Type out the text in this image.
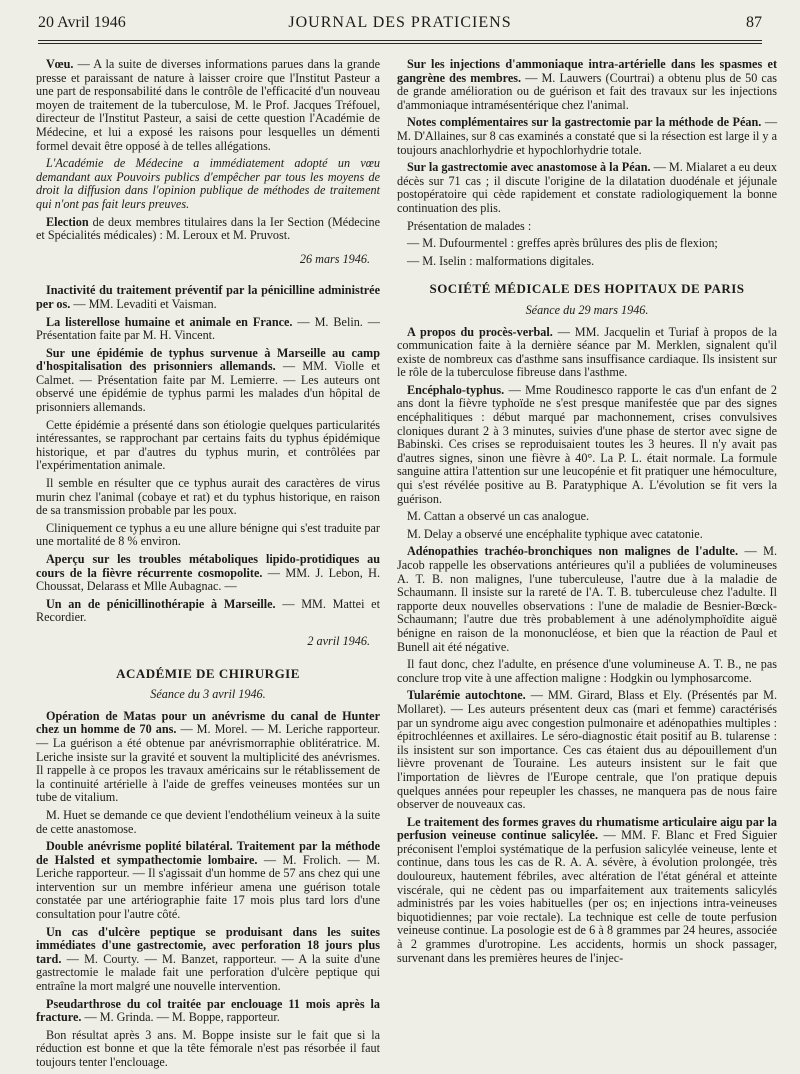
20 Avril 1946	JOURNAL DES PRATICIENS	87

Vœu. — A la suite de diverses informations parues dans la grande presse et paraissant de nature à laisser croire que l'Institut Pasteur a une part de responsabilité dans le contrôle de l'efficacité d'un nouveau moyen de traitement de la tuberculose, M. le Prof. Jacques Tréfouel, directeur de l'Institut Pasteur, a saisi de cette question l'Académie de Médecine, et lui a exposé les raisons pour lesquelles un démenti formel devait être opposé à de telles allégations.

L'Académie de Médecine a immédiatement adopté un vœu demandant aux Pouvoirs publics d'empêcher par tous les moyens de droit la diffusion dans l'opinion publique de méthodes de traitement qui n'ont pas fait leurs preuves.

Election de deux membres titulaires dans la Ier Section (Médecine et Spécialités médicales) : M. Leroux et M. Pruvost.

26 mars 1946.

Inactivité du traitement préventif par la pénicilline administrée per os. — MM. Levaditi et Vaisman.

La listerellose humaine et animale en France. — M. Belin. — Présentation faite par M. H. Vincent.

Sur une épidémie de typhus survenue à Marseille au camp d'hospitalisation des prisonniers allemands. — MM. Violle et Calmet. — Présentation faite par M. Lemierre. — Les auteurs ont observé une épidémie de typhus parmi les malades d'un hôpital de prisonniers allemands.

Cette épidémie a présenté dans son étiologie quelques particularités intéressantes, se rapprochant par certains faits du typhus épidémique historique, et par d'autres du typhus murin, et contrôlées par l'expérimentation animale.

Il semble en résulter que ce typhus aurait des caractères de virus murin chez l'animal (cobaye et rat) et du typhus historique, en raison de sa transmission probable par les poux.

Cliniquement ce typhus a eu une allure bénigne qui s'est traduite par une mortalité de 8 % environ.

Aperçu sur les troubles métaboliques lipido-protidiques au cours de la fièvre récurrente cosmopolite. — MM. J. Lebon, H. Choussat, Delarass et Mlle Aubagnac. —

Un an de pénicillinothérapie à Marseille. — MM. Mattei et Recordier.

2 avril 1946.
ACADÉMIE DE CHIRURGIE
Séance du 3 avril 1946.

Opération de Matas pour un anévrisme du canal de Hunter chez un homme de 70 ans. — M. Morel. — M. Leriche rapporteur. — La guérison a été obtenue par anévrismorraphie oblitératrice. M. Leriche insiste sur la gravité et souvent la multiplicité des anévrismes. Il rappelle à ce propos les travaux américains sur le rétablissement de la continuité artérielle à l'aide de greffes veineuses montées sur un tube de vitalium.

M. Huet se demande ce que devient l'endothélium veineux à la suite de cette anastomose.

Double anévrisme poplité bilatéral. Traitement par la méthode de Halsted et sympathectomie lombaire. — M. Frolich. — M. Leriche rapporteur. — Il s'agissait d'un homme de 57 ans chez qui une intervention sur un membre inférieur amena une guérison totale constatée par une artériographie faite 17 mois plus tard lors d'une consultation pour l'autre côté.

Un cas d'ulcère peptique se produisant dans les suites immédiates d'une gastrectomie, avec perforation 18 jours plus tard. — M. Courty. — M. Banzet, rapporteur. — A la suite d'une gastrectomie le malade fait une perforation d'ulcère peptique qui entraîne la mort malgré une nouvelle intervention.

Pseudarthrose du col traitée par enclouage 11 mois après la fracture. — M. Grinda. — M. Boppe, rapporteur.

Bon résultat après 3 ans. M. Boppe insiste sur le fait que si la réduction est bonne et que la tête fémorale n'est pas résorbée il faut toujours tenter l'enclouage.

Sur les injections d'ammoniaque intra-artérielle dans les spasmes et gangrène des membres. — M. Lauwers (Courtrai) a obtenu plus de 50 cas de grande amélioration ou de guérison et fait des travaux sur les injections d'ammoniaque intramésentérique chez l'animal.

Notes complémentaires sur la gastrectomie par la méthode de Péan. — M. D'Allaines, sur 8 cas examinés a constaté que si la résection est large il y a toujours anachlorhydrie et hypochlorhydrie totale.

Sur la gastrectomie avec anastomose à la Péan. — M. Mialaret a eu deux décès sur 71 cas ; il discute l'origine de la dilatation duodénale et jéjunale postopératoire qui cède rapidement et constate radiologiquement la bonne continuation des plis.

Présentation de malades :

— M. Dufourmentel : greffes après brûlures des plis de flexion;
— M. Iselin : malformations digitales.
SOCIÉTÉ MÉDICALE DES HOPITAUX DE PARIS
Séance du 29 mars 1946.

A propos du procès-verbal. — MM. Jacquelin et Turiaf à propos de la communication faite à la dernière séance par M. Merklen, signalent qu'il existe de nombreux cas d'asthme sans insuffisance cardiaque. Ils insistent sur le rôle de la tuberculose fibreuse dans l'asthme.

Encéphalo-typhus. — Mme Roudinesco rapporte le cas d'un enfant de 2 ans dont la fièvre typhoïde ne s'est presque manifestée que par des signes encéphalitiques : début marqué par machonnement, crises convulsives cloniques durant 2 à 3 minutes, suivies d'une phase de stertor avec signe de Babinski. Ces crises se reproduisaient toutes les 3 heures. Il n'y avait pas d'autres signes, sinon une fièvre à 40°. La P. L. était normale. La formule sanguine attira l'attention sur une leucopénie et fit pratiquer une hémoculture, qui s'est révélée positive au B. Paratyphique A. L'évolution se fit vers la guérison.

M. Cattan a observé un cas analogue.

M. Delay a observé une encéphalite typhique avec catatonie.

Adénopathies trachéo-bronchiques non malignes de l'adulte. — M. Jacob rappelle les observations antérieures qu'il a publiées de volumineuses A. T. B. non malignes, l'une tuberculeuse, l'autre due à la maladie de Schaumann. Il insiste sur la rareté de l'A. T. B. tuberculeuse chez l'adulte. Il rapporte deux nouvelles observations : l'une de maladie de Besnier-Bœck-Schaumann; l'autre due très probablement à une adénolymphoïdite aiguë bénigne en raison de la mononucléose, et bien que la réaction de Paul et Bunell ait été négative.

Il faut donc, chez l'adulte, en présence d'une volumineuse A. T. B., ne pas conclure trop vite à une affection maligne : Hodgkin ou lymphosarcome.

Tularémie autochtone. — MM. Girard, Blass et Ely. (Présentés par M. Mollaret). — Les auteurs présentent deux cas (mari et femme) caractérisés par un syndrome aigu avec congestion pulmonaire et adénopathies multiples : épitrochléennes et axillaires. Le séro-diagnostic était positif au B. tularense : ils insistent sur son importance. Ces cas étaient dus au dépouillement d'un lièvre provenant de Touraine. Les auteurs insistent sur le fait que l'importation de lièvres de l'Europe centrale, que l'on pratique depuis quelques années pour repeupler les chasses, ne manquera pas de nous faire observer de nouveaux cas.

Le traitement des formes graves du rhumatisme articulaire aigu par la perfusion veineuse continue salicylée. — MM. F. Blanc et Fred Siguier préconisent l'emploi systématique de la perfusion salicylée veineuse, lente et continue, dans tous les cas de R. A. A. sévère, à évolution prolongée, très douloureux, hautement fébriles, avec altération de l'état général et atteinte viscérale, qui ne cèdent pas ou imparfaitement aux traitements salicylés administrés par les voies habituelles (per os; en injections intra-veineuses biquotidiennes; par voie rectale). La technique est celle de toute perfusion veineuse continue. La posologie est de 6 à 8 grammes par 24 heures, associée à 2 grammes d'urotropine. Les accidents, hormis un shock passager, survenant dans les premières heures de l'injec-
